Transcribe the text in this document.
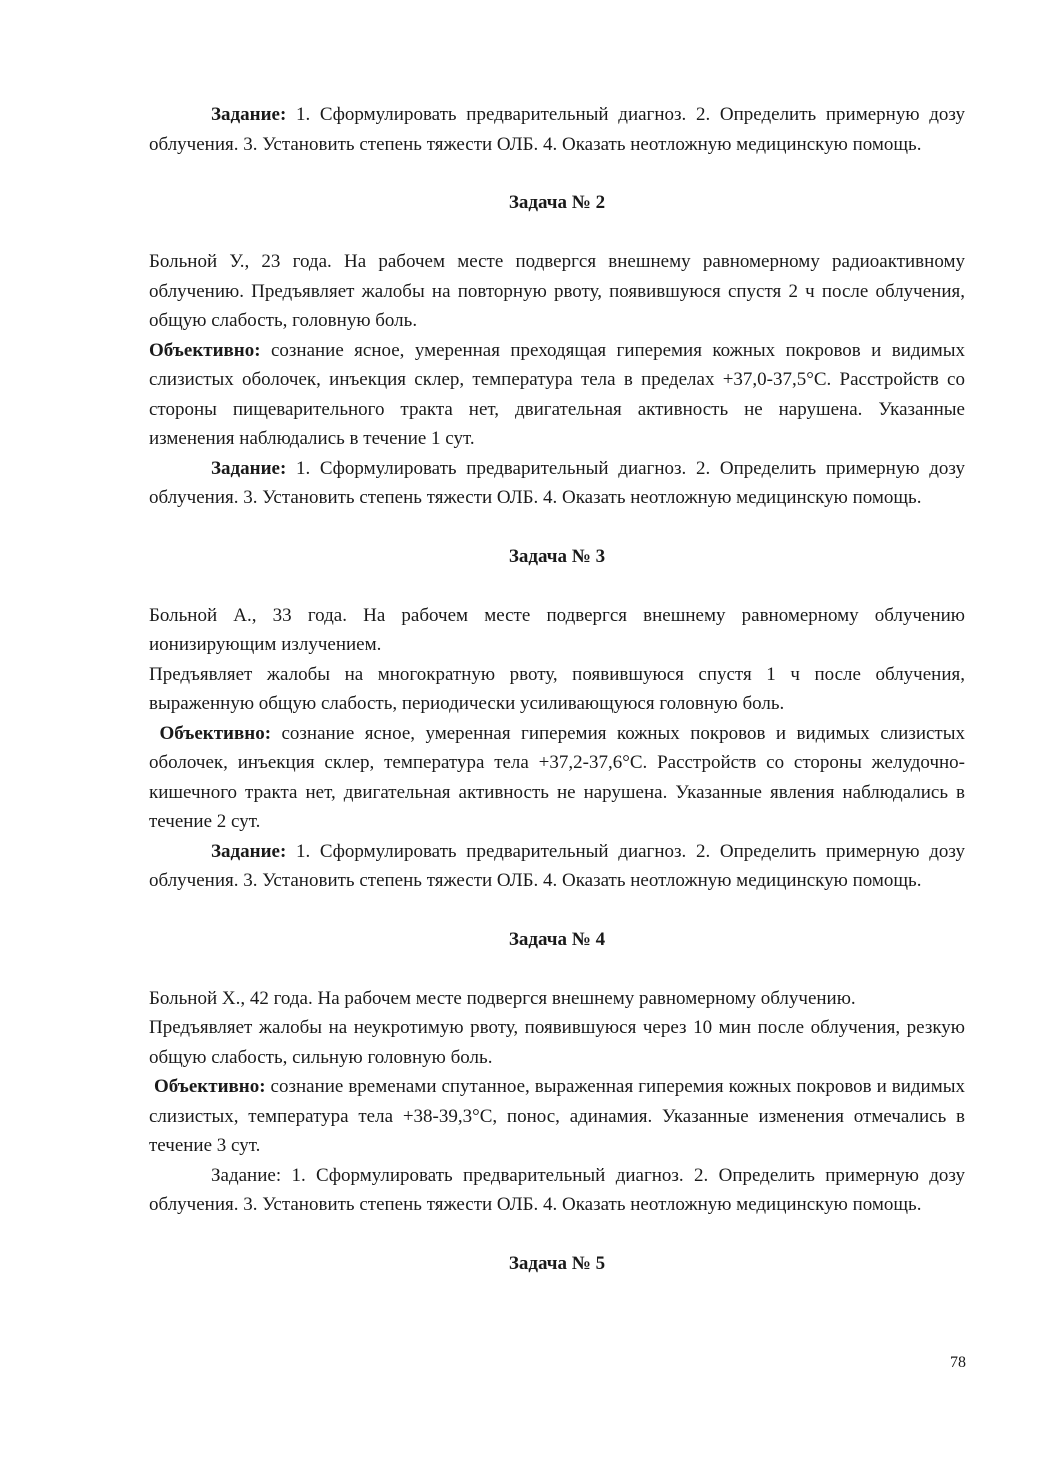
Задание: 1. Сформулировать предварительный диагноз. 2. Определить примерную дозу облучения. 3. Установить степень тяжести ОЛБ. 4. Оказать неотложную медицинскую помощь.

Задача № 2

Больной У., 23 года. На рабочем месте подвергся внешнему равномерному радиоактивному облучению. Предъявляет жалобы на повторную рвоту, появившуюся спустя 2 ч после облучения, общую слабость, головную боль.

Объективно: сознание ясное, умеренная преходящая гиперемия кожных покровов и видимых слизистых оболочек, инъекция склер, температура тела в пределах +37,0-37,5°С. Расстройств со стороны пищеварительного тракта нет, двигательная активность не нарушена. Указанные изменения наблюдались в течение 1 сут.

Задание: 1. Сформулировать предварительный диагноз. 2. Определить примерную дозу облучения. 3. Установить степень тяжести ОЛБ. 4. Оказать неотложную медицинскую помощь.

Задача № 3

Больной А., 33 года. На рабочем месте подвергся внешнему равномерному облучению ионизирующим излучением.

Предъявляет жалобы на многократную рвоту, появившуюся спустя 1 ч после облучения, выраженную общую слабость, периодически усиливающуюся головную боль.

Объективно: сознание ясное, умеренная гиперемия кожных покровов и видимых слизистых оболочек, инъекция склер, температура тела +37,2-37,6°С. Расстройств со стороны желудочно-кишечного тракта нет, двигательная активность не нарушена. Указанные явления наблюдались в течение 2 сут.

Задание: 1. Сформулировать предварительный диагноз. 2. Определить примерную дозу облучения. 3. Установить степень тяжести ОЛБ. 4. Оказать неотложную медицинскую помощь.

Задача № 4

Больной Х., 42 года. На рабочем месте подвергся внешнему равномерному облучению.

Предъявляет жалобы на неукротимую рвоту, появившуюся через 10 мин после облучения, резкую общую слабость, сильную головную боль.

Объективно: сознание временами спутанное, выраженная гиперемия кожных покровов и видимых слизистых, температура тела +38-39,3°С, понос, адинамия. Указанные изменения отмечались в течение 3 сут.

Задание: 1. Сформулировать предварительный диагноз. 2. Определить примерную дозу облучения. 3. Установить степень тяжести ОЛБ. 4. Оказать неотложную медицинскую помощь.

Задача № 5

78
